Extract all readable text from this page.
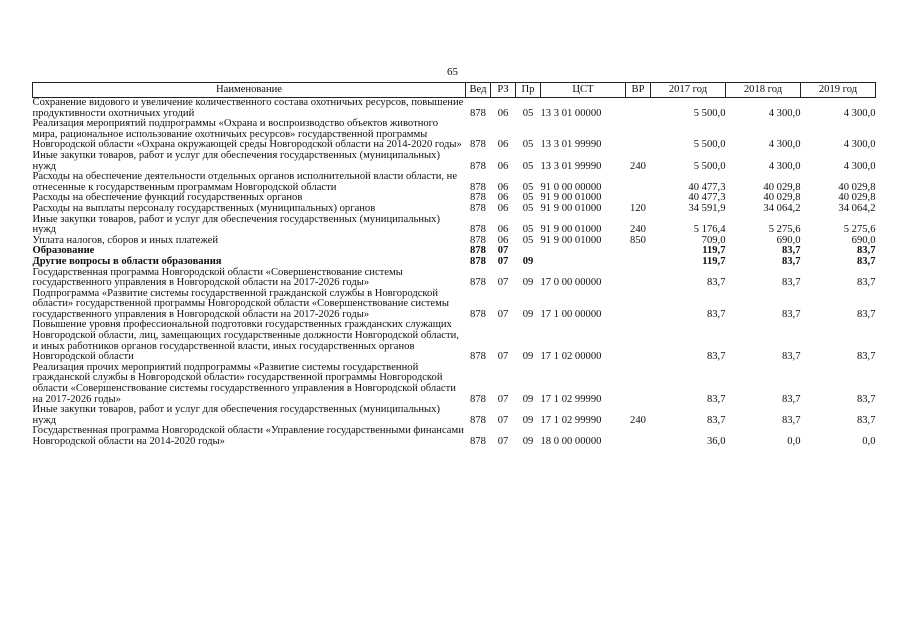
65
Наименование	Вед	РЗ	Пр	ЦСТ	ВР	2017 год	2018 год	2019 год
Сохранение видового и увеличение количественного состава охотничьих ресурсов, повышение продуктивности охотничьих угодий	878	06	05	13 3 01 00000		5 500,0	4 300,0	4 300,0
Реализация мероприятий подпрограммы «Охрана и воспроизводство объектов животного мира, рациональное использование охотничьих ресурсов» государственной программы Новгородской области «Охрана окружающей среды Новгородской области на 2014-2020 годы»	878	06	05	13 3 01 99990		5 500,0	4 300,0	4 300,0
Иные закупки товаров, работ и услуг для обеспечения государственных (муниципальных) нужд	878	06	05	13 3 01 99990	240	5 500,0	4 300,0	4 300,0
Расходы на обеспечение деятельности отдельных органов исполнительной власти области, не отнесенные к государственным программам Новгородской области	878	06	05	91 0 00 00000		40 477,3	40 029,8	40 029,8
Расходы на обеспечение функций государственных органов	878	06	05	91 9 00 01000		40 477,3	40 029,8	40 029,8
Расходы на выплаты персоналу государственных (муниципальных) органов	878	06	05	91 9 00 01000	120	34 591,9	34 064,2	34 064,2
Иные закупки товаров, работ и услуг для обеспечения государственных (муниципальных) нужд	878	06	05	91 9 00 01000	240	5 176,4	5 275,6	5 275,6
Уплата налогов, сборов и иных платежей	878	06	05	91 9 00 01000	850	709,0	690,0	690,0
Образование	878	07				119,7	83,7	83,7
Другие вопросы в области образования	878	07	09			119,7	83,7	83,7
Государственная программа Новгородской области «Совершенствование системы государственного управления в Новгородской области на 2017-2026 годы»	878	07	09	17 0 00 00000		83,7	83,7	83,7
Подпрограмма «Развитие системы государственной гражданской службы в Новгородской области» государственной программы Новгородской области «Совершенствование системы государственного управления в Новгородской области на 2017-2026 годы»	878	07	09	17 1 00 00000		83,7	83,7	83,7
Повышение уровня профессиональной подготовки государственных гражданских служащих Новгородской области, лиц, замещающих государственные должности Новгородской области, и иных работников органов государственной власти, иных государственных органов Новгородской области	878	07	09	17 1 02 00000		83,7	83,7	83,7
Реализация прочих мероприятий подпрограммы «Развитие системы государственной гражданской службы в Новгородской области» государственной программы Новгородской области «Совершенствование системы государственного управления в Новгородской области на 2017-2026 годы»	878	07	09	17 1 02 99990		83,7	83,7	83,7
Иные закупки товаров, работ и услуг для обеспечения государственных (муниципальных) нужд	878	07	09	17 1 02 99990	240	83,7	83,7	83,7
Государственная программа Новгородской области «Управление государственными финансами Новгородской области на 2014-2020 годы»	878	07	09	18 0 00 00000		36,0	0,0	0,0
